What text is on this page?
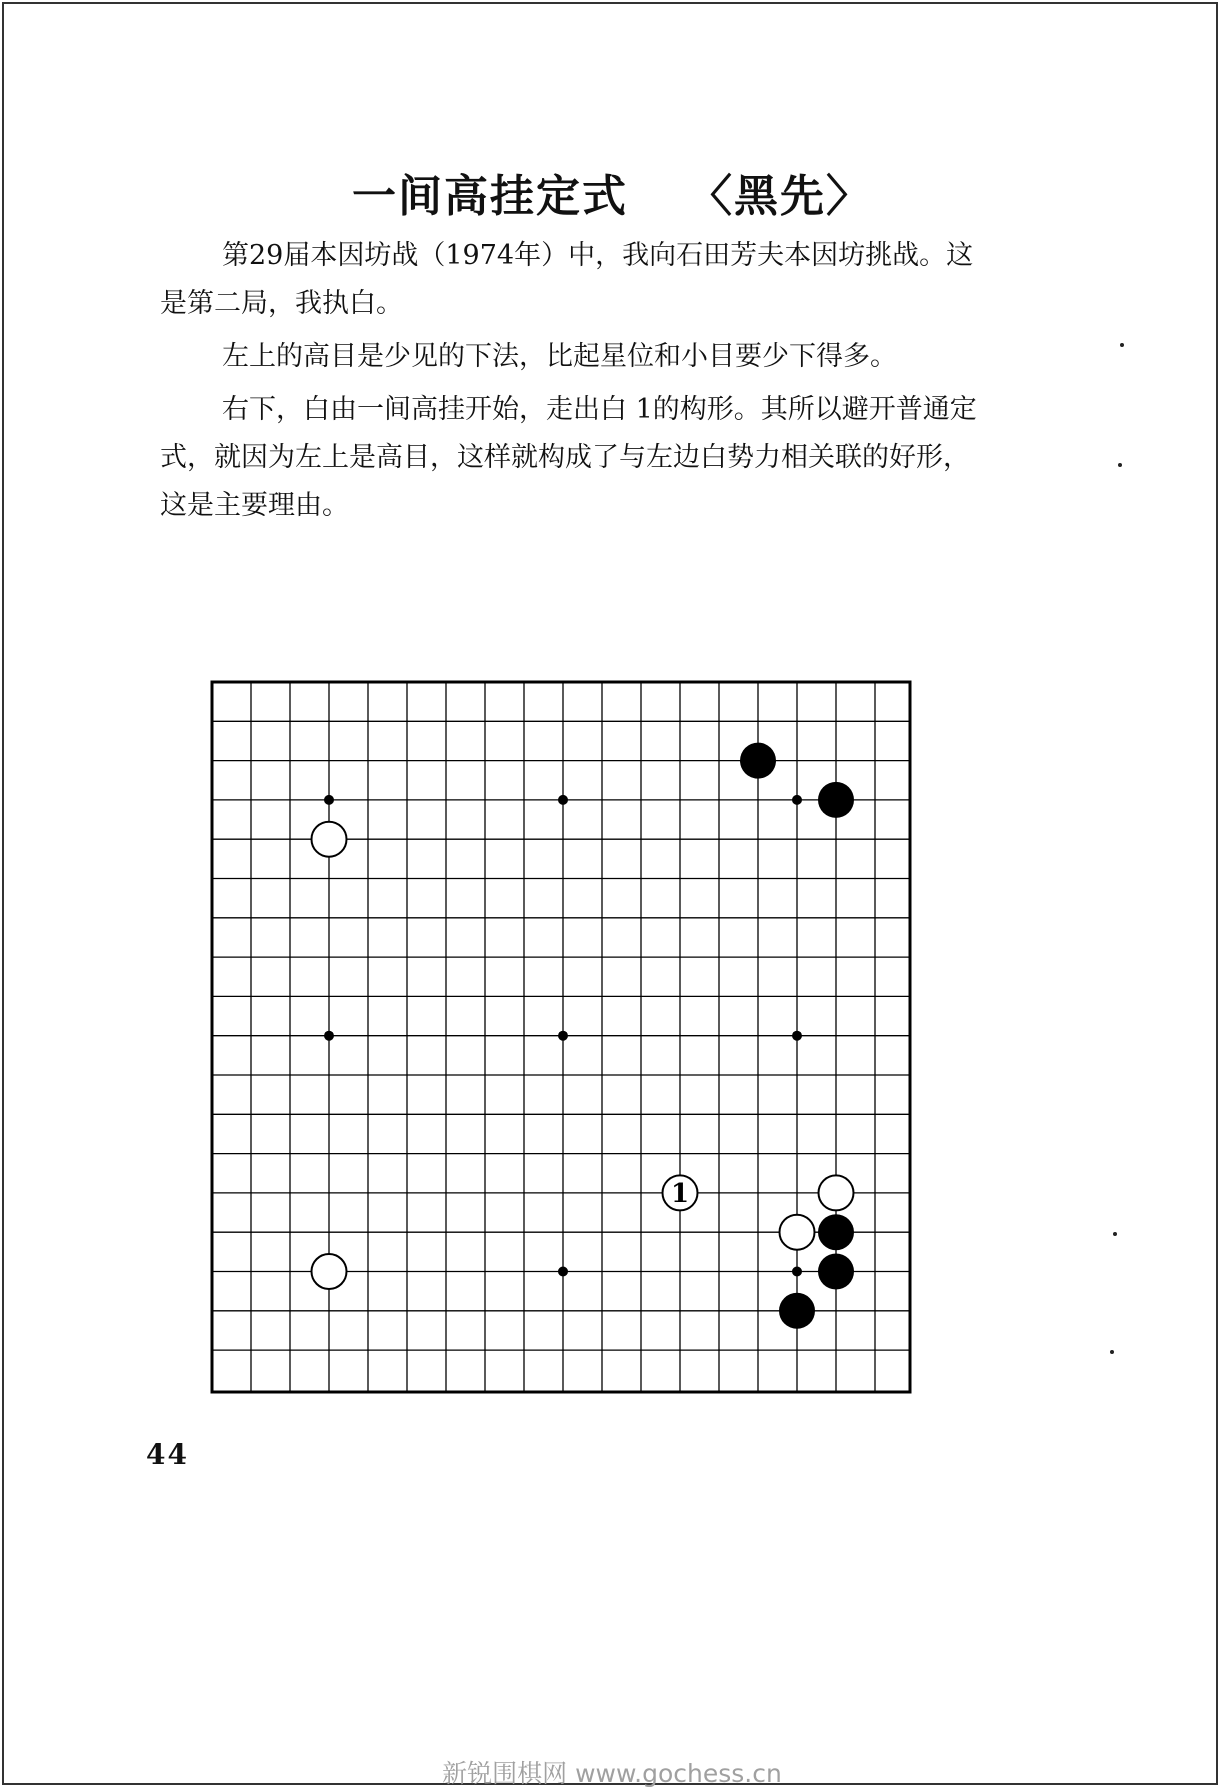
一间高挂定式 〈黑先〉

第29届本因坊战（1974年）中，我向石田芳夫本因坊挑战。这是第二局，我执白。

左上的高目是少见的下法，比起星位和小目要少下得多。

右下，白由一间高挂开始，走出白 1的构形。其所以避开普通定式，就因为左上是高目，这样就构成了与左边白势力相关联的好形，这是主要理由。

1
44
新锐围棋网 www.gochess.cn
